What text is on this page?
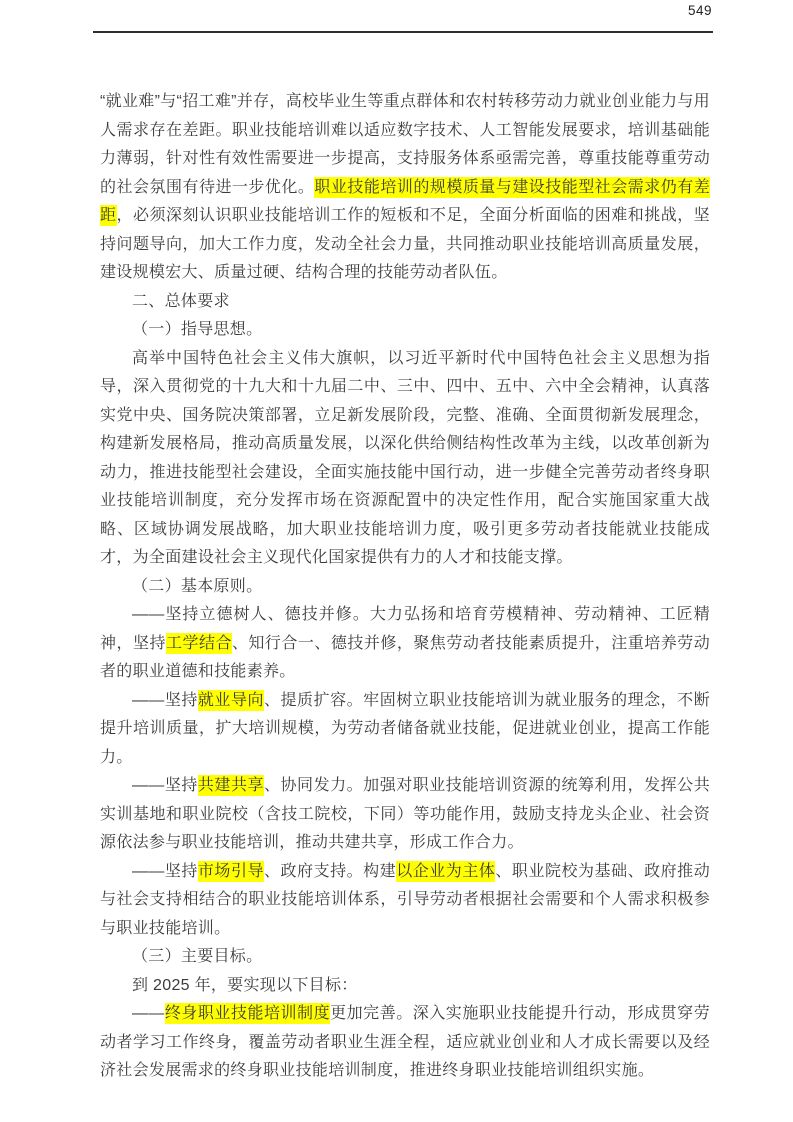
549

“就业难”与“招工难”并存，高校毕业生等重点群体和农村转移劳动力就业创业能力与用人需求存在差距。职业技能培训难以适应数字技术、人工智能发展要求，培训基础能力薄弱，针对性有效性需要进一步提高，支持服务体系亟需完善，尊重技能尊重劳动的社会氛围有待进一步优化。职业技能培训的规模质量与建设技能型社会需求仍有差距，必须深刻认识职业技能培训工作的短板和不足，全面分析面临的困难和挑战，坚持问题导向，加大工作力度，发动全社会力量，共同推动职业技能培训高质量发展，建设规模宏大、质量过硬、结构合理的技能劳动者队伍。

二、总体要求

（一）指导思想。

高举中国特色社会主义伟大旗帜，以习近平新时代中国特色社会主义思想为指导，深入贯彻党的十九大和十九届二中、三中、四中、五中、六中全会精神，认真落实党中央、国务院决策部署，立足新发展阶段，完整、准确、全面贯彻新发展理念，构建新发展格局，推动高质量发展，以深化供给侧结构性改革为主线，以改革创新为动力，推进技能型社会建设，全面实施技能中国行动，进一步健全完善劳动者终身职业技能培训制度，充分发挥市场在资源配置中的决定性作用，配合实施国家重大战略、区域协调发展战略，加大职业技能培训力度，吸引更多劳动者技能就业技能成才，为全面建设社会主义现代化国家提供有力的人才和技能支撑。

（二）基本原则。

——坚持立德树人、德技并修。大力弘扬和培育劳模精神、劳动精神、工匠精神，坚持工学结合、知行合一、德技并修，聚焦劳动者技能素质提升，注重培养劳动者的职业道德和技能素养。

——坚持就业导向、提质扩容。牢固树立职业技能培训为就业服务的理念，不断提升培训质量，扩大培训规模，为劳动者储备就业技能，促进就业创业，提高工作能力。

——坚持共建共享、协同发力。加强对职业技能培训资源的统筹利用，发挥公共实训基地和职业院校（含技工院校，下同）等功能作用，鼓励支持龙头企业、社会资源依法参与职业技能培训，推动共建共享，形成工作合力。

——坚持市场引导、政府支持。构建以企业为主体、职业院校为基础、政府推动与社会支持相结合的职业技能培训体系，引导劳动者根据社会需要和个人需求积极参与职业技能培训。

（三）主要目标。

到 2025 年，要实现以下目标：

——终身职业技能培训制度更加完善。深入实施职业技能提升行动，形成贯穿劳动者学习工作终身，覆盖劳动者职业生涯全程，适应就业创业和人才成长需要以及经济社会发展需求的终身职业技能培训制度，推进终身职业技能培训组织实施。
